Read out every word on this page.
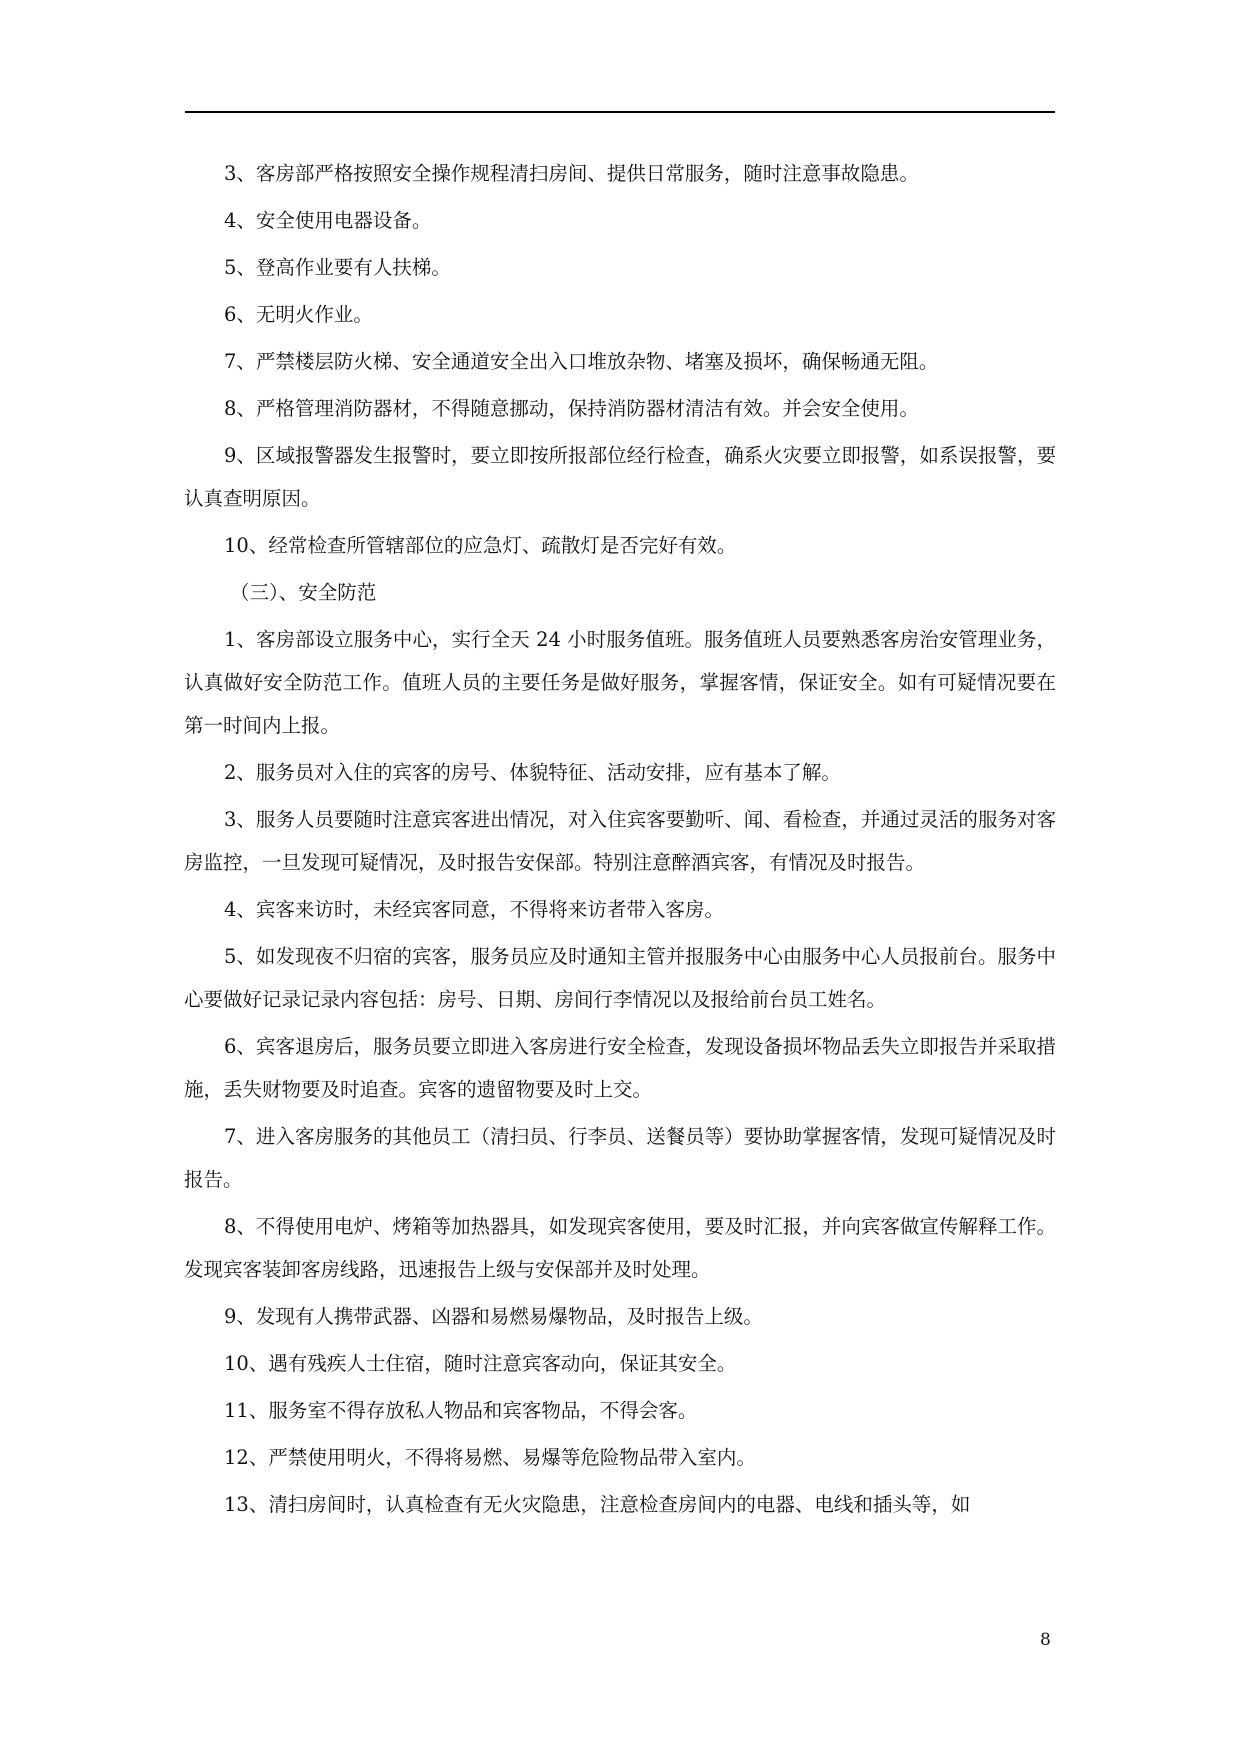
3、客房部严格按照安全操作规程清扫房间、提供日常服务，随时注意事故隐患。

4、安全使用电器设备。

5、登高作业要有人扶梯。

6、无明火作业。

7、严禁楼层防火梯、安全通道安全出入口堆放杂物、堵塞及损坏，确保畅通无阻。

8、严格管理消防器材，不得随意挪动，保持消防器材清洁有效。并会安全使用。

9、区域报警器发生报警时，要立即按所报部位经行检查，确系火灾要立即报警，如系误报警，要认真查明原因。

10、经常检查所管辖部位的应急灯、疏散灯是否完好有效。

（三）、安全防范

1、客房部设立服务中心，实行全天 24 小时服务值班。服务值班人员要熟悉客房治安管理业务，认真做好安全防范工作。值班人员的主要任务是做好服务，掌握客情，保证安全。如有可疑情况要在第一时间内上报。

2、服务员对入住的宾客的房号、体貌特征、活动安排，应有基本了解。

3、服务人员要随时注意宾客进出情况，对入住宾客要勤听、闻、看检查，并通过灵活的服务对客房监控，一旦发现可疑情况，及时报告安保部。特别注意醉酒宾客，有情况及时报告。

4、宾客来访时，未经宾客同意，不得将来访者带入客房。

5、如发现夜不归宿的宾客，服务员应及时通知主管并报服务中心由服务中心人员报前台。服务中心要做好记录记录内容包括：房号、日期、房间行李情况以及报给前台员工姓名。

6、宾客退房后，服务员要立即进入客房进行安全检查，发现设备损坏物品丢失立即报告并采取措施，丢失财物要及时追查。宾客的遗留物要及时上交。

7、进入客房服务的其他员工（清扫员、行李员、送餐员等）要协助掌握客情，发现可疑情况及时报告。

8、不得使用电炉、烤箱等加热器具，如发现宾客使用，要及时汇报，并向宾客做宣传解释工作。发现宾客装卸客房线路，迅速报告上级与安保部并及时处理。

9、发现有人携带武器、凶器和易燃易爆物品，及时报告上级。

10、遇有残疾人士住宿，随时注意宾客动向，保证其安全。

11、服务室不得存放私人物品和宾客物品，不得会客。

12、严禁使用明火，不得将易燃、易爆等危险物品带入室内。

13、清扫房间时，认真检查有无火灾隐患，注意检查房间内的电器、电线和插头等，如

8
